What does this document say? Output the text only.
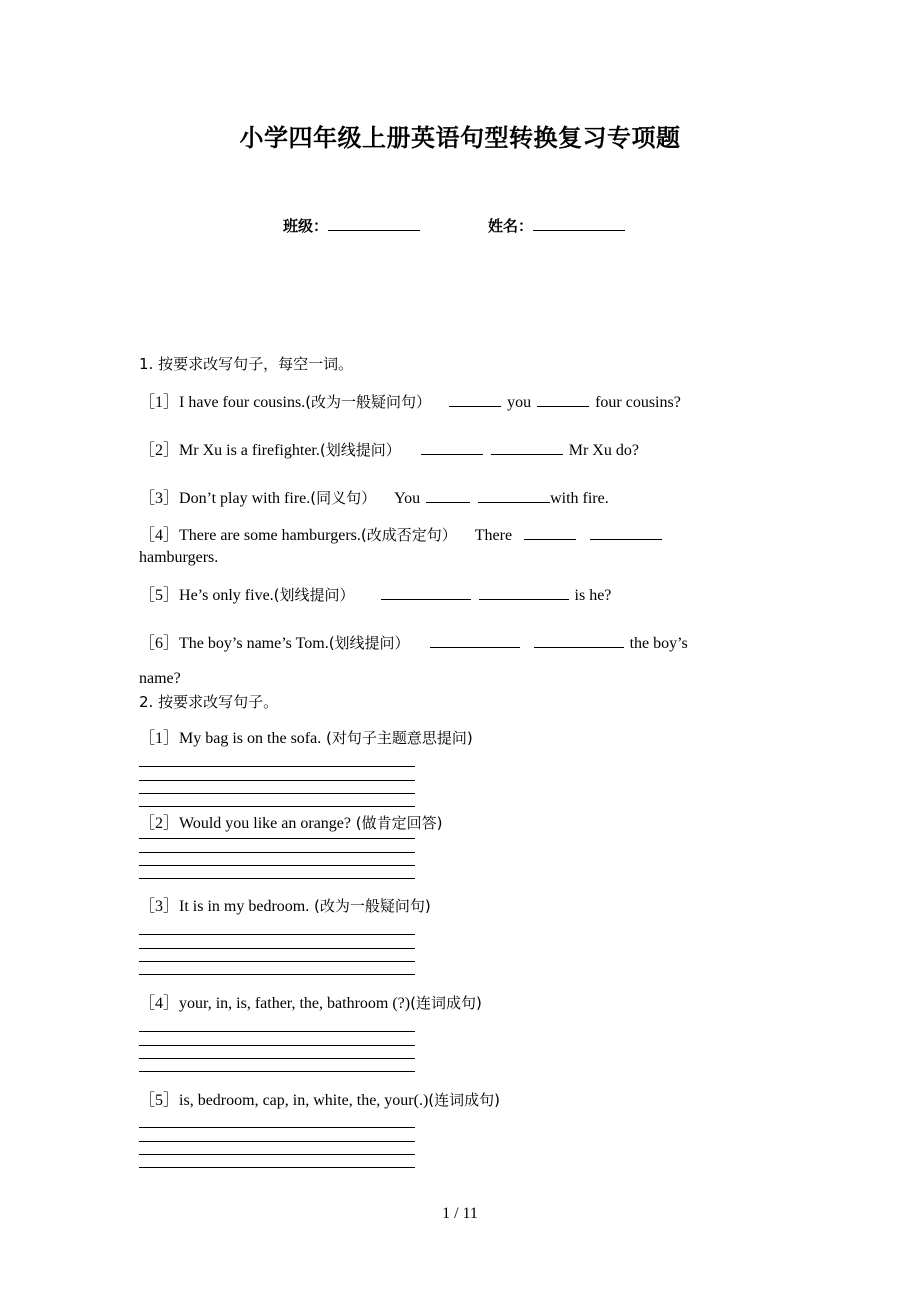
小学四年级上册英语句型转换复习专项题
班级：	姓名：
1. 按要求改写句子，每空一词。
［1］I have four cousins.(改为一般疑问句）	you	four cousins?
［2］Mr Xu is a firefighter.(划线提问）	Mr Xu do?
［3］Don’t play with fire.(同义句） You	with fire.
［4］There are some hamburgers.(改成否定句） There
hamburgers.
［5］He’s only five.(划线提问）	is he?
［6］The boy’s name’s Tom.(划线提问）	the boy’s
name?
2. 按要求改写句子。
［1］My bag is on the sofa. (对句子主题意思提问)
［2］Would you like an orange? (做肯定回答)
［3］It is in my bedroom. (改为一般疑问句)
［4］your, in, is, father, the, bathroom (?)(连词成句)
［5］is, bedroom, cap, in, white, the, your(.)(连词成句)
1 / 11
